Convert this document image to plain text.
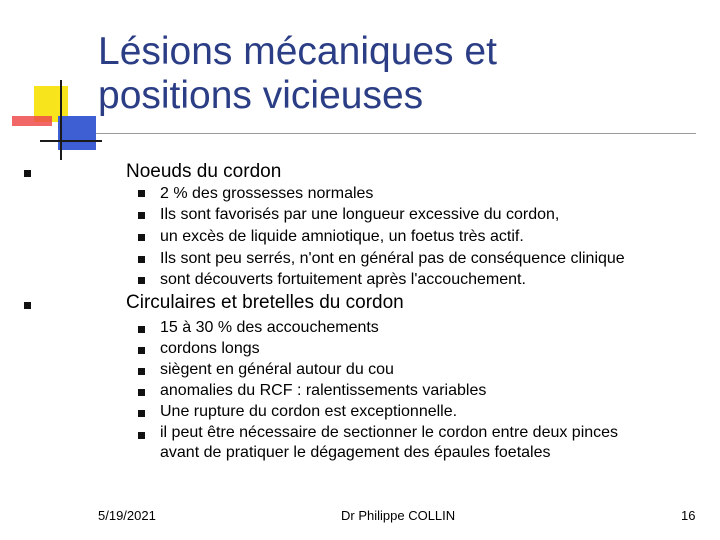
Lésions mécaniques et
positions vicieuses
Noeuds du cordon
2 % des grossesses normales
Ils sont favorisés par une longueur excessive du cordon,
un excès de liquide amniotique, un foetus très actif.
Ils sont peu serrés, n'ont en général pas de conséquence clinique
sont découverts fortuitement après l'accouchement.
Circulaires et bretelles du cordon
15 à 30 % des accouchements
cordons longs
siègent en général autour du cou
anomalies du RCF : ralentissements variables
Une rupture du cordon est exceptionnelle.
il peut être nécessaire de sectionner le cordon entre deux pinces
avant de pratiquer le dégagement des épaules foetales
5/19/2021	Dr Philippe COLLIN	16
